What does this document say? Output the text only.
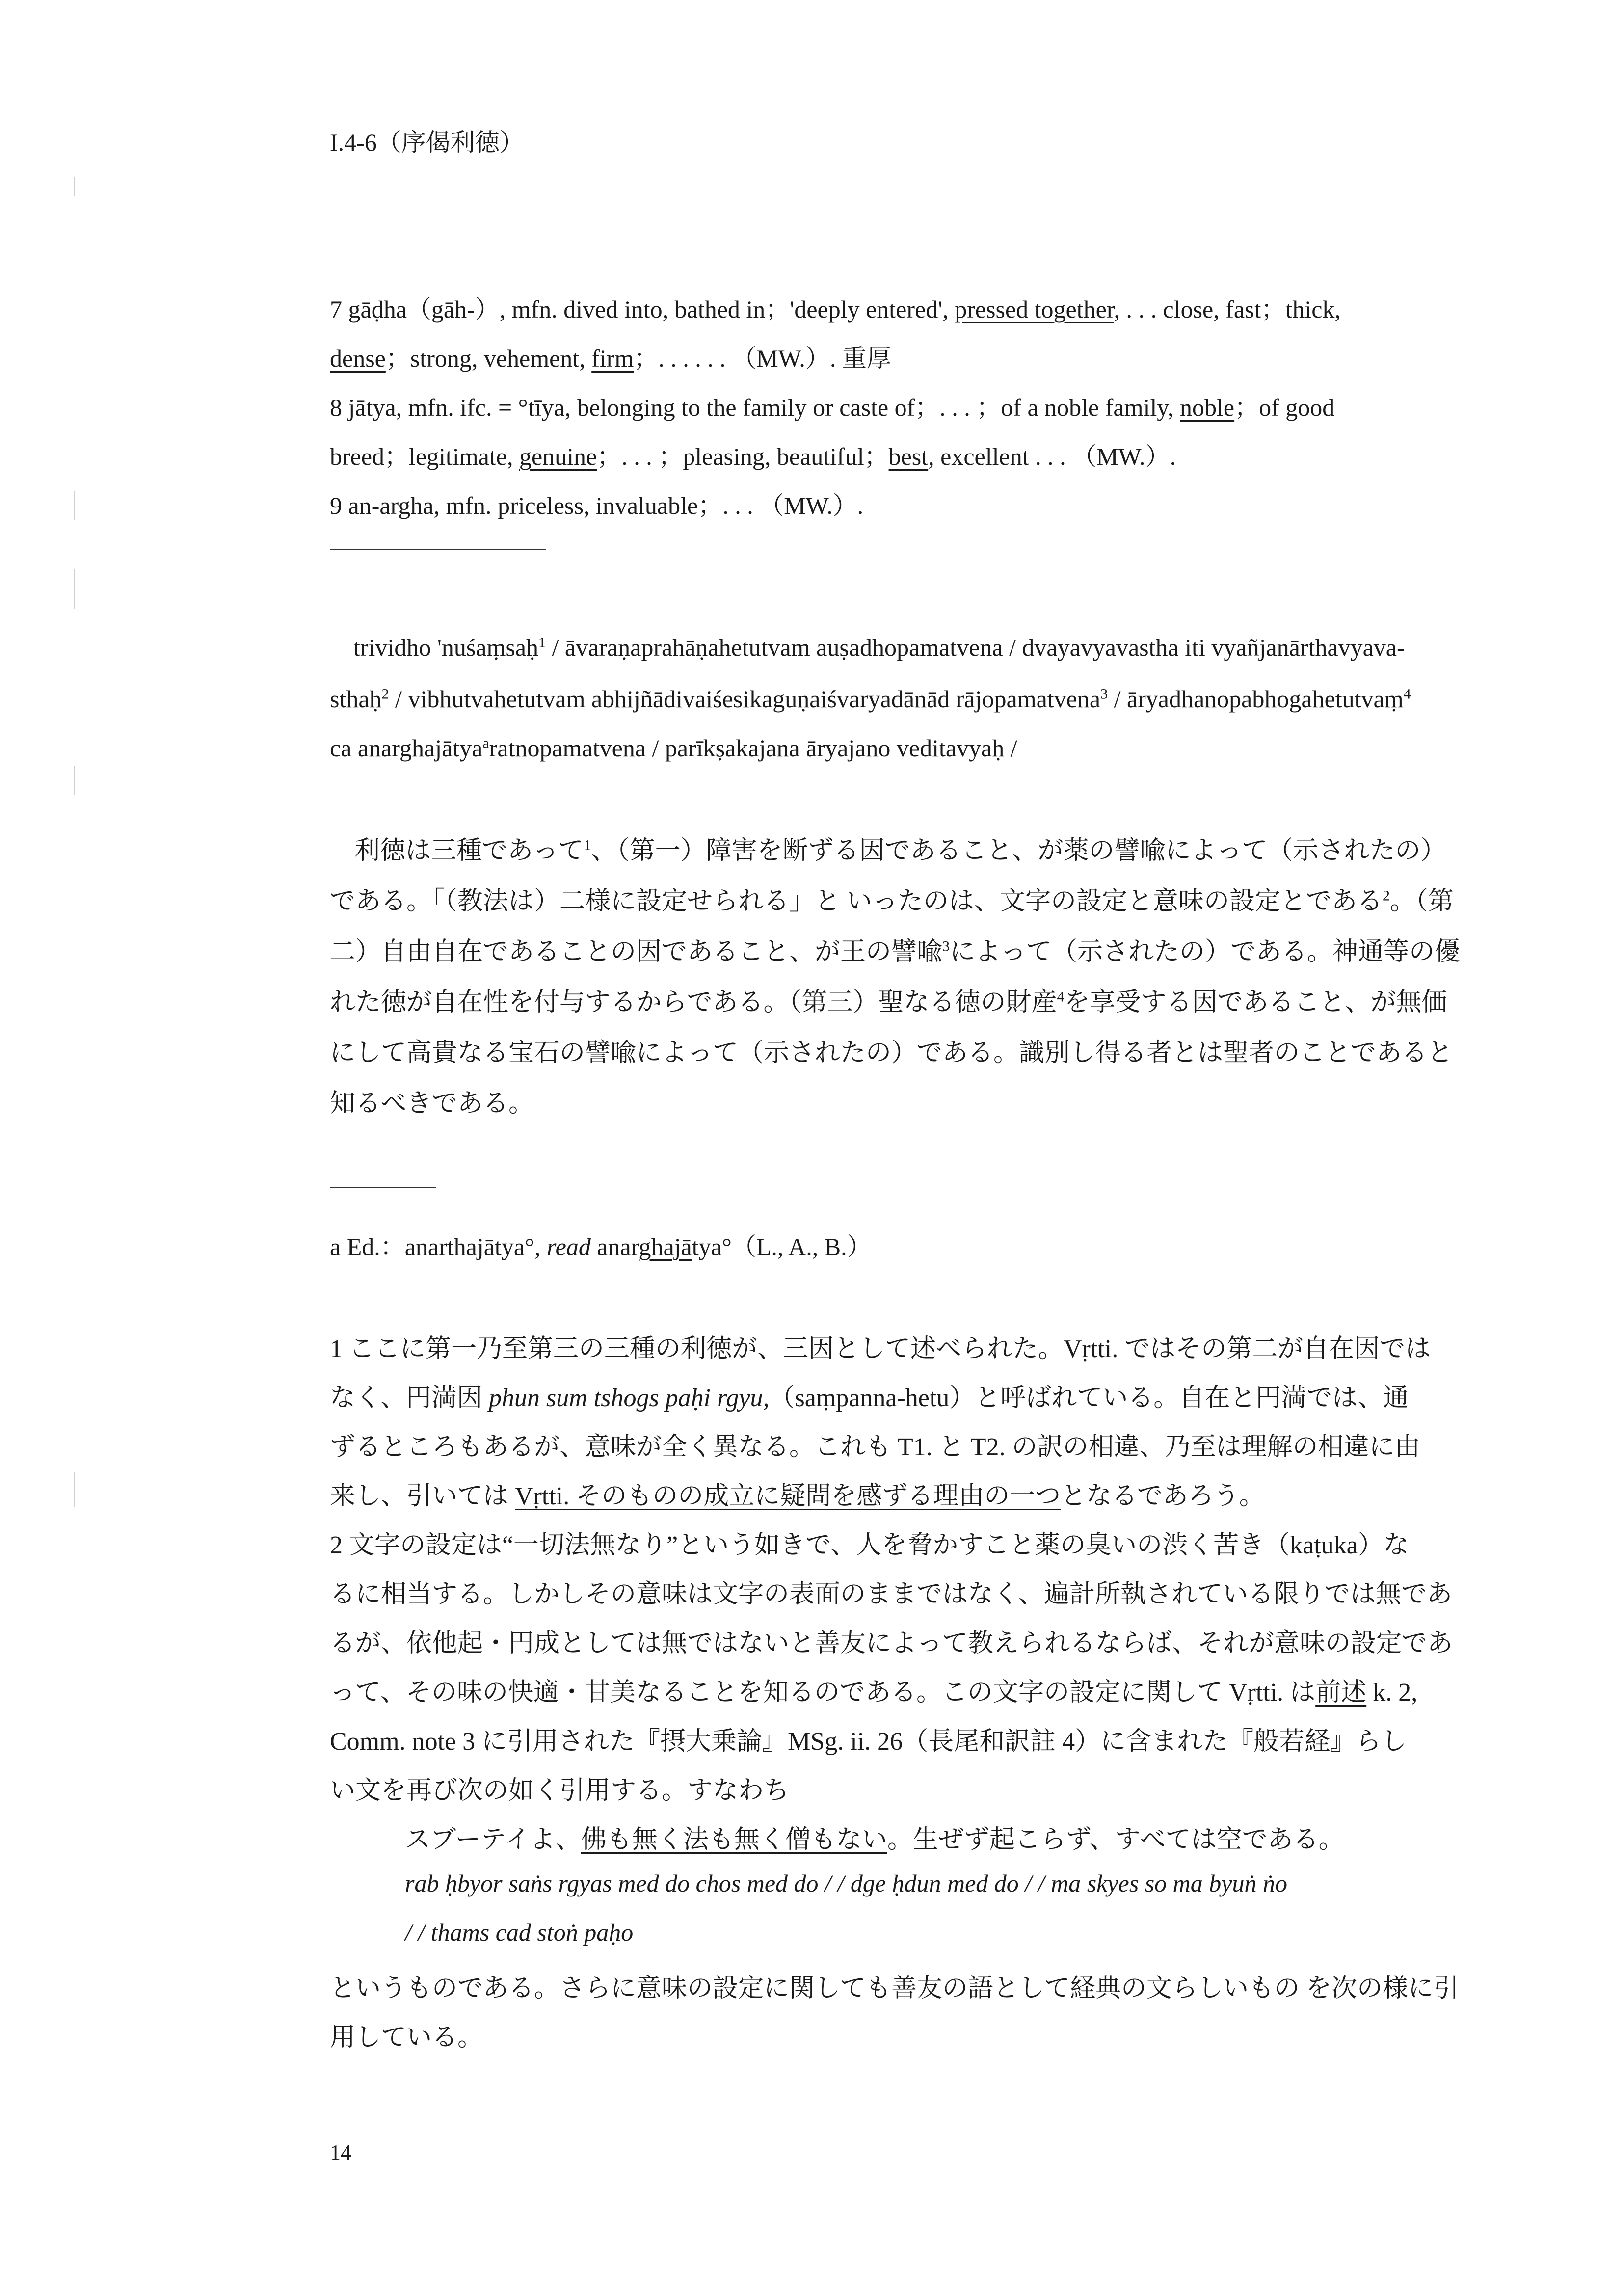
I.4-6（序偈利徳）
7 gāḍha（gāh-）, mfn. dived into, bathed in；'deeply entered', pressed together, . . . close, fast；thick,
dense；strong, vehement, firm；. . . . . . （MW.）. 重厚
8 jātya, mfn. ifc. = °tīya, belonging to the family or caste of；. . . ；of a noble family, noble；of good
breed；legitimate, genuine；. . . ；pleasing, beautiful；best, excellent . . . （MW.）.
9 an-argha, mfn. priceless, invaluable；. . . （MW.）.
trividho 'nuśaṃsaḥ$^1$ / āvaraṇaprahāṇahetutvam auṣadhopamatvena / dvayavyavastha iti vyañjanārthavyava-
sthaḥ$^2$ / vibhutvahetutvam abhijñādivaiśesikaguṇaiśvaryadānād rājopamatvena$^3$ / āryadhanopabhogahetutvaṃ$^4$
ca anarghajātya$^a$ratnopamatvena / parīkṣakajana āryajano veditavyaḥ /
利徳は三種であって$^1$、（第一）障害を断ずる因であること、が薬の譬喩によって（示されたの）
である。「（教法は）二様に設定せられる」と いったのは、文字の設定と意味の設定とである$^2$。（第
二）自由自在であることの因であること、が王の譬喩$^3$によって（示されたの）である。神通等の優
れた徳が自在性を付与するからである。（第三）聖なる徳の財産$^4$を享受する因であること、が無価
にして高貴なる宝石の譬喩によって（示されたの）である。識別し得る者とは聖者のことであると
知るべきである。
a Ed.：anarthajātya°, read anarghajātya°（L., A., B.）
1 ここに第一乃至第三の三種の利徳が、三因として述べられた。Vṛtti. ではその第二が自在因では
なく、円満因 phun sum tshogs paḥi rgyu,（saṃpanna-hetu）と呼ばれている。自在と円満では、通
ずるところもあるが、意味が全く異なる。これも T1. と T2. の訳の相違、乃至は理解の相違に由
来し、引いては Vṛtti. そのものの成立に疑問を感ずる理由の一つとなるであろう。
2 文字の設定は“一切法無なり”という如きで、人を脅かすこと薬の臭いの渋く苦き（kaṭuka）な
るに相当する。しかしその意味は文字の表面のままではなく、遍計所執されている限りでは無であ
るが、依他起・円成としては無ではないと善友によって教えられるならば、それが意味の設定であ
って、その味の快適・甘美なることを知るのである。この文字の設定に関して Vṛtti. は前述 k. 2,
Comm. note 3 に引用された『摂大乗論』MSg. ii. 26（長尾和訳註 4）に含まれた『般若経』らし
い文を再び次の如く引用する。すなわち
スブーテイよ、佛も無く法も無く僧もない。生ぜず起こらず、すべては空である。
rab ḥbyor saṅs rgyas med do chos med do / / dge ḥdun med do / / ma skyes so ma byuṅ ṅo
/ / thams cad stoṅ paḥo
というものである。さらに意味の設定に関しても善友の語として経典の文らしいもの を次の様に引
用している。
14
